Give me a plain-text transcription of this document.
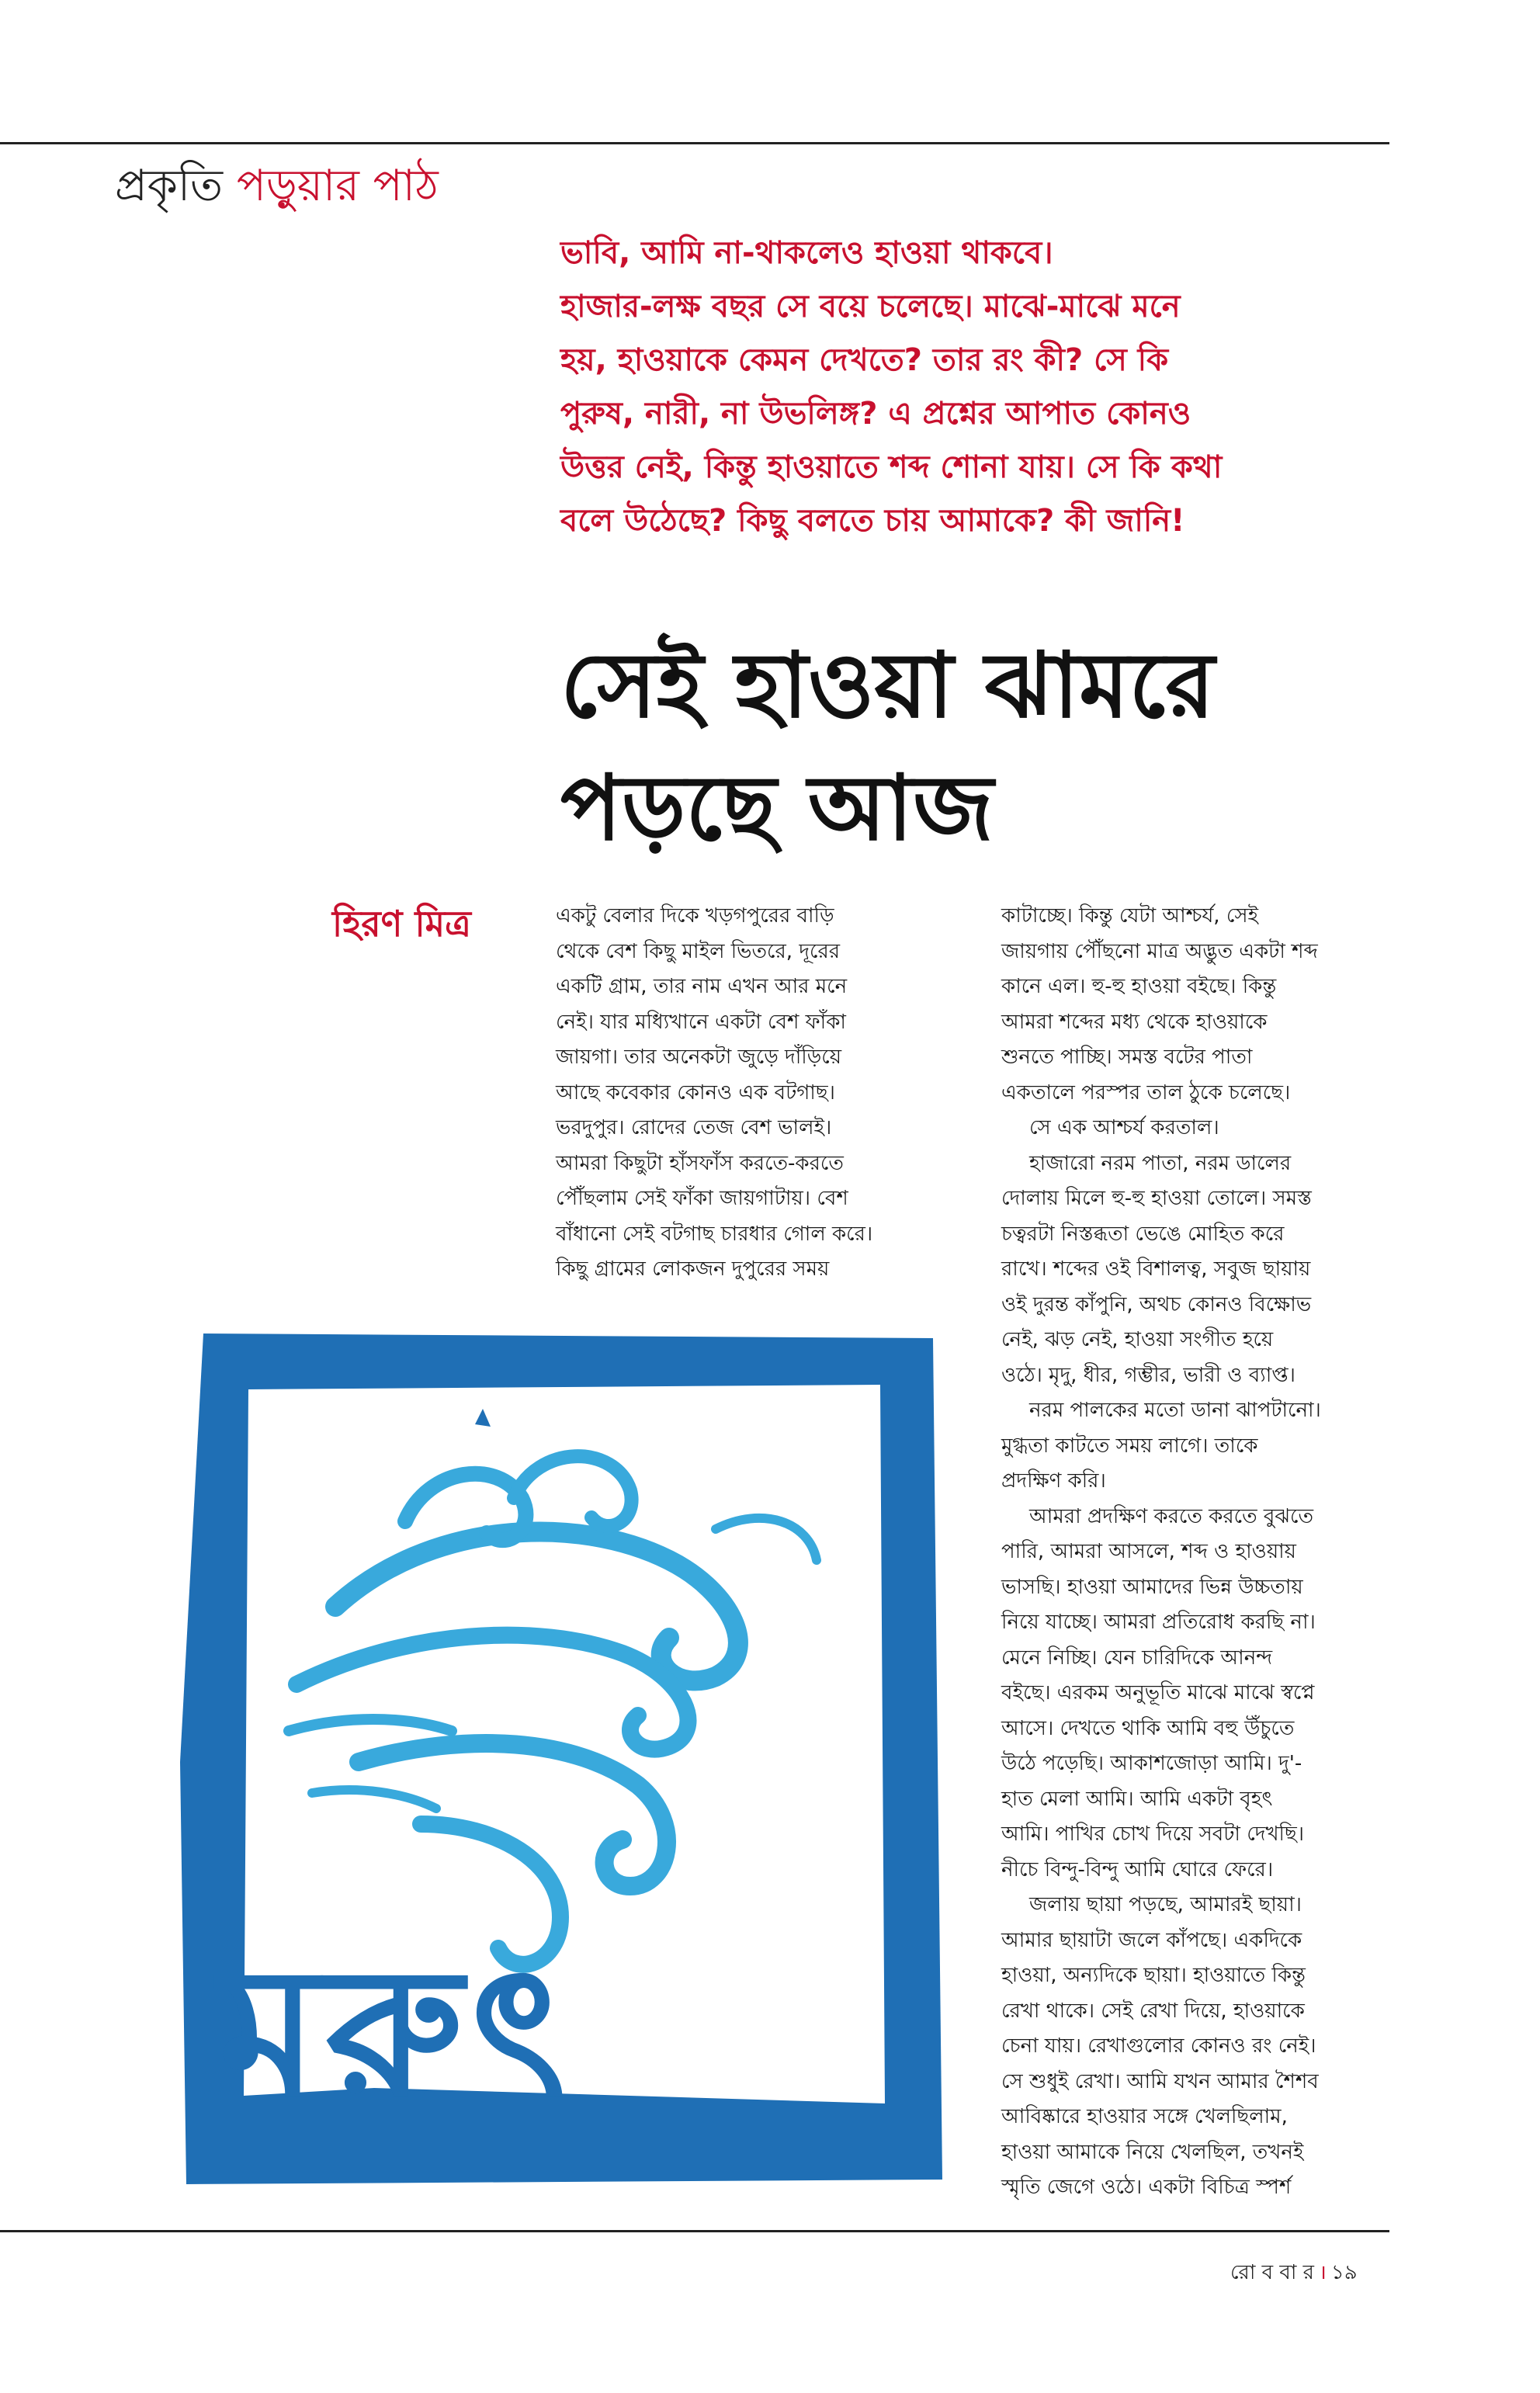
প্রকৃতি পড়ুয়ার পাঠ

ভাবি, আমি না-থাকলেও হাওয়া থাকবে।

হাজার-লক্ষ বছর সে বয়ে চলেছে। মাঝে-মাঝে মনে

হয়, হাওয়াকে কেমন দেখতে? তার রং কী? সে কি

পুরুষ, নারী, না উভলিঙ্গ? এ প্রশ্নের আপাত কোনও

উত্তর নেই, কিন্তু হাওয়াতে শব্দ শোনা যায়। সে কি কথা

বলে উঠেছে? কিছু বলতে চায় আমাকে? কী জানি!

সেই হাওয়া ঝামরে

পড়ছে আজ

হিরণ মিত্র	একটু বেলার দিকে খড়গপুরের বাড়ি

থেকে বেশ কিছু মাইল ভিতরে, দূরের

একটি গ্রাম, তার নাম এখন আর মনে

নেই। যার মধ্যিখানে একটা বেশ ফাঁকা

জায়গা। তার অনেকটা জুড়ে দাঁড়িয়ে

আছে কবেকার কোনও এক বটগাছ।

ভরদুপুর। রোদের তেজ বেশ ভালই।

আমরা কিছুটা হাঁসফাঁস করতে-করতে

পৌঁছলাম সেই ফাঁকা জায়গাটায়। বেশ

বাঁধানো সেই বটগাছ চারধার গোল করে।

কিছু গ্রামের লোকজন দুপুরের সময়

কাটাচ্ছে। কিন্তু যেটা আশ্চর্য, সেই

জায়গায় পৌঁছনো মাত্র অদ্ভুত একটা শব্দ

কানে এল। হু-হু হাওয়া বইছে। কিন্তু

আমরা শব্দের মধ্য থেকে হাওয়াকে

শুনতে পাচ্ছি। সমস্ত বটের পাতা

একতালে পরস্পর তাল ঠুকে চলেছে।

সে এক আশ্চর্য করতাল।

হাজারো নরম পাতা, নরম ডালের

দোলায় মিলে হু-হু হাওয়া তোলে। সমস্ত

চত্বরটা নিস্তব্ধতা ভেঙে মোহিত করে

রাখে। শব্দের ওই বিশালত্ব, সবুজ ছায়ায়

ওই দুরন্ত কাঁপুনি, অথচ কোনও বিক্ষোভ

নেই, ঝড় নেই, হাওয়া সংগীত হয়ে

ওঠে। মৃদু, ধীর, গম্ভীর, ভারী ও ব্যাপ্ত।

নরম পালকের মতো ডানা ঝাপটানো।

মুগ্ধতা কাটতে সময় লাগে। তাকে

প্রদক্ষিণ করি।

আমরা প্রদক্ষিণ করতে করতে বুঝতে

পারি, আমরা আসলে, শব্দ ও হাওয়ায়

ভাসছি। হাওয়া আমাদের ভিন্ন উচ্চতায়

নিয়ে যাচ্ছে। আমরা প্রতিরোধ করছি না।

মেনে নিচ্ছি। যেন চারিদিকে আনন্দ

বইছে। এরকম অনুভূতি মাঝে মাঝে স্বপ্নে

আসে। দেখতে থাকি আমি বহু উঁচুতে

উঠে পড়েছি। আকাশজোড়া আমি। দু'-

হাত মেলা আমি। আমি একটা বৃহৎ

আমি। পাখির চোখ দিয়ে সবটা দেখছি।

নীচে বিন্দু-বিন্দু আমি ঘোরে ফেরে।

জলায় ছায়া পড়ছে, আমারই ছায়া।

আমার ছায়াটা জলে কাঁপছে। একদিকে

হাওয়া, অন্যদিকে ছায়া। হাওয়াতে কিন্তু

রেখা থাকে। সেই রেখা দিয়ে, হাওয়াকে

চেনা যায়। রেখাগুলোর কোনও রং নেই।

সে শুধুই রেখা। আমি যখন আমার শৈশব

আবিষ্কারে হাওয়ার সঙ্গে খেলছিলাম,

হাওয়া আমাকে নিয়ে খেলছিল, তখনই

স্মৃতি জেগে ওঠে। একটা বিচিত্র স্পর্শ

মরুৎ
রো ব বা র । ১৯
